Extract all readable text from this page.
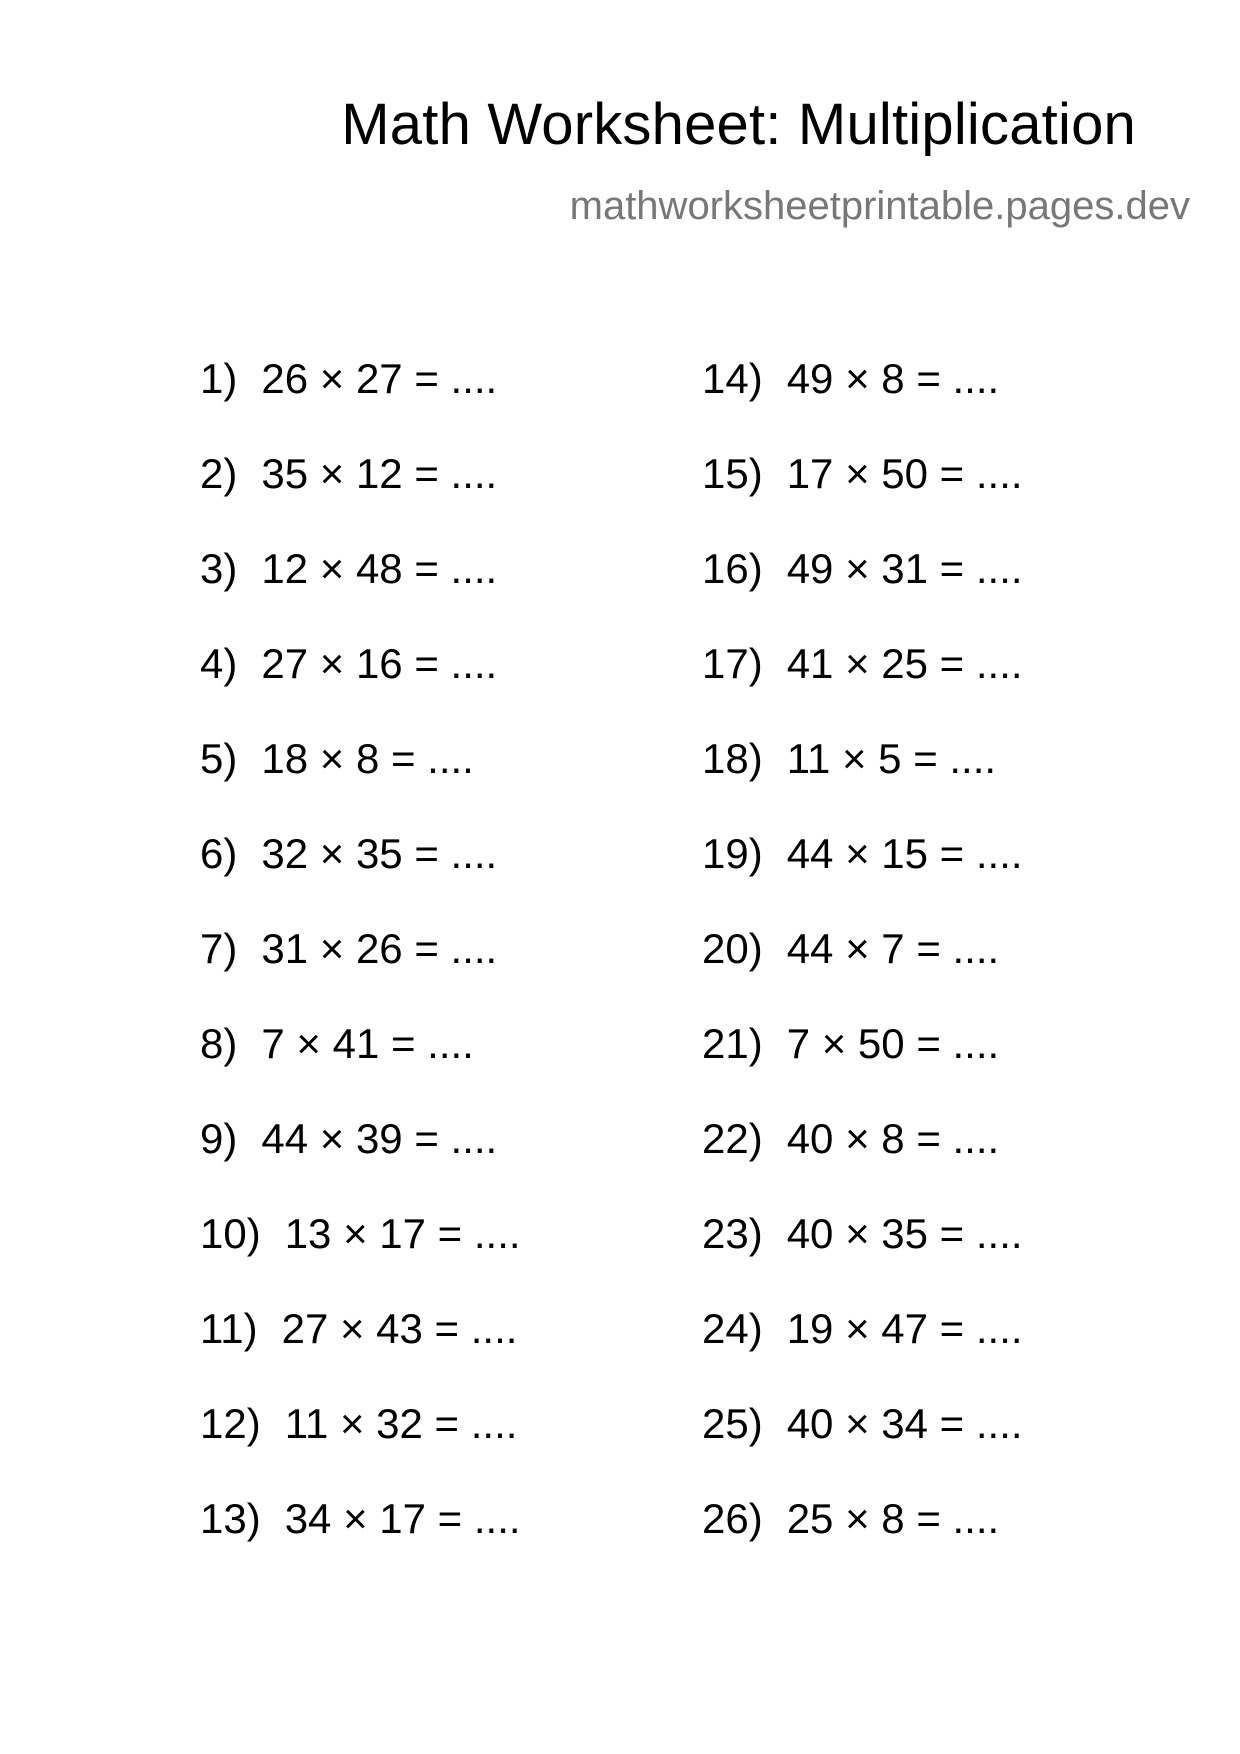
Math Worksheet: Multiplication
mathworksheetprintable.pages.dev
1) 26 × 27 = ....
2) 35 × 12 = ....
3) 12 × 48 = ....
4) 27 × 16 = ....
5) 18 × 8 = ....
6) 32 × 35 = ....
7) 31 × 26 = ....
8) 7 × 41 = ....
9) 44 × 39 = ....
10) 13 × 17 = ....
11) 27 × 43 = ....
12) 11 × 32 = ....
13) 34 × 17 = ....
14) 49 × 8 = ....
15) 17 × 50 = ....
16) 49 × 31 = ....
17) 41 × 25 = ....
18) 11 × 5 = ....
19) 44 × 15 = ....
20) 44 × 7 = ....
21) 7 × 50 = ....
22) 40 × 8 = ....
23) 40 × 35 = ....
24) 19 × 47 = ....
25) 40 × 34 = ....
26) 25 × 8 = ....
